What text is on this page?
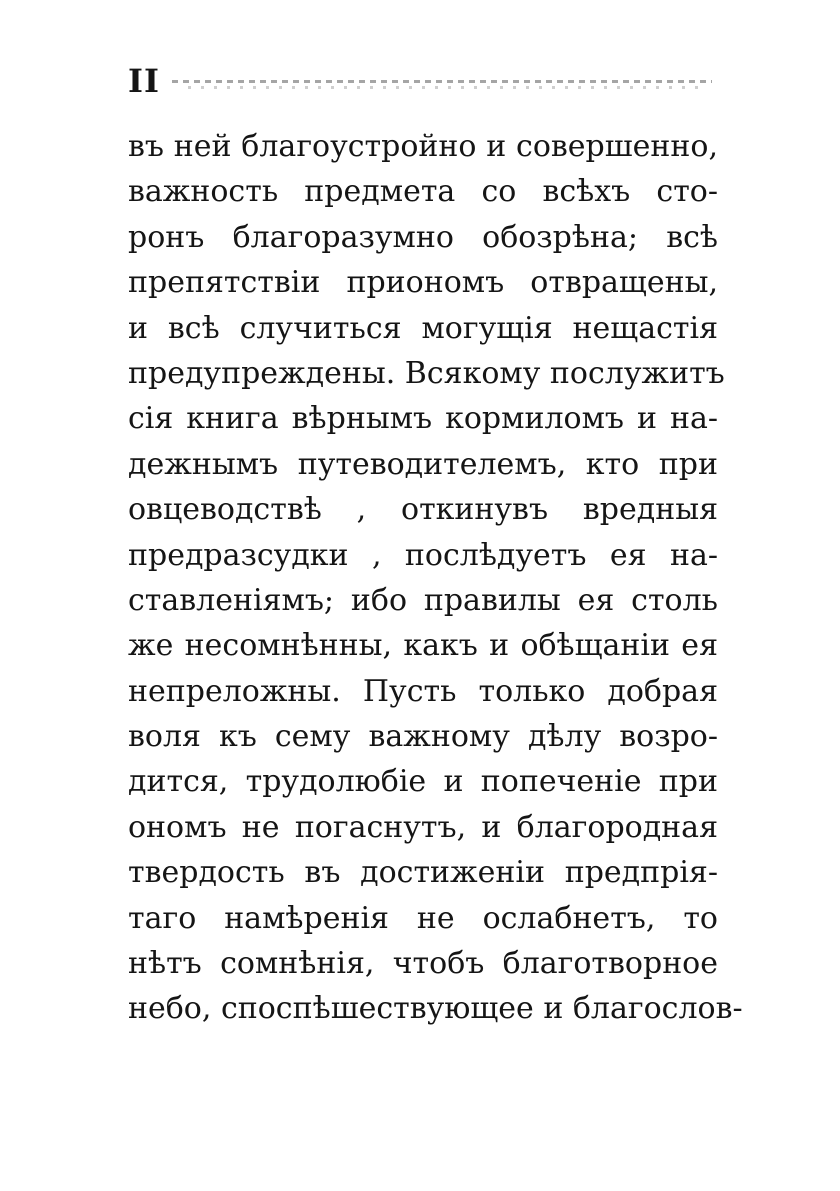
II
въ ней благоустройно и совершенно,
важность предмета со всѣхъ сто-
ронъ благоразумно обозрѣна; всѣ
препятствiи приономъ отвращены,
и всѣ случиться могущiя нещастiя
предупреждены. Всякому послужитъ
сiя книга вѣрнымъ кормиломъ и на-
дежнымъ путеводителемъ, кто при
овцеводствѣ , откинувъ вредныя
предразсудки , послѣдуетъ ея на-
ставленiямъ; ибо правилы ея столь
же несомнѣнны, какъ и обѣщанiи ея
непреложны. Пусть только добрая
воля къ сему важному дѣлу возро-
дится, трудолюбiе и попеченiе при
ономъ не погаснутъ, и благородная
твердость въ достиженiи предпрiя-
таго намѣренiя не ослабнетъ, то
нѣтъ сомнѣнiя, чтобъ благотворное
небо, споспѣшествующее и благослов-
